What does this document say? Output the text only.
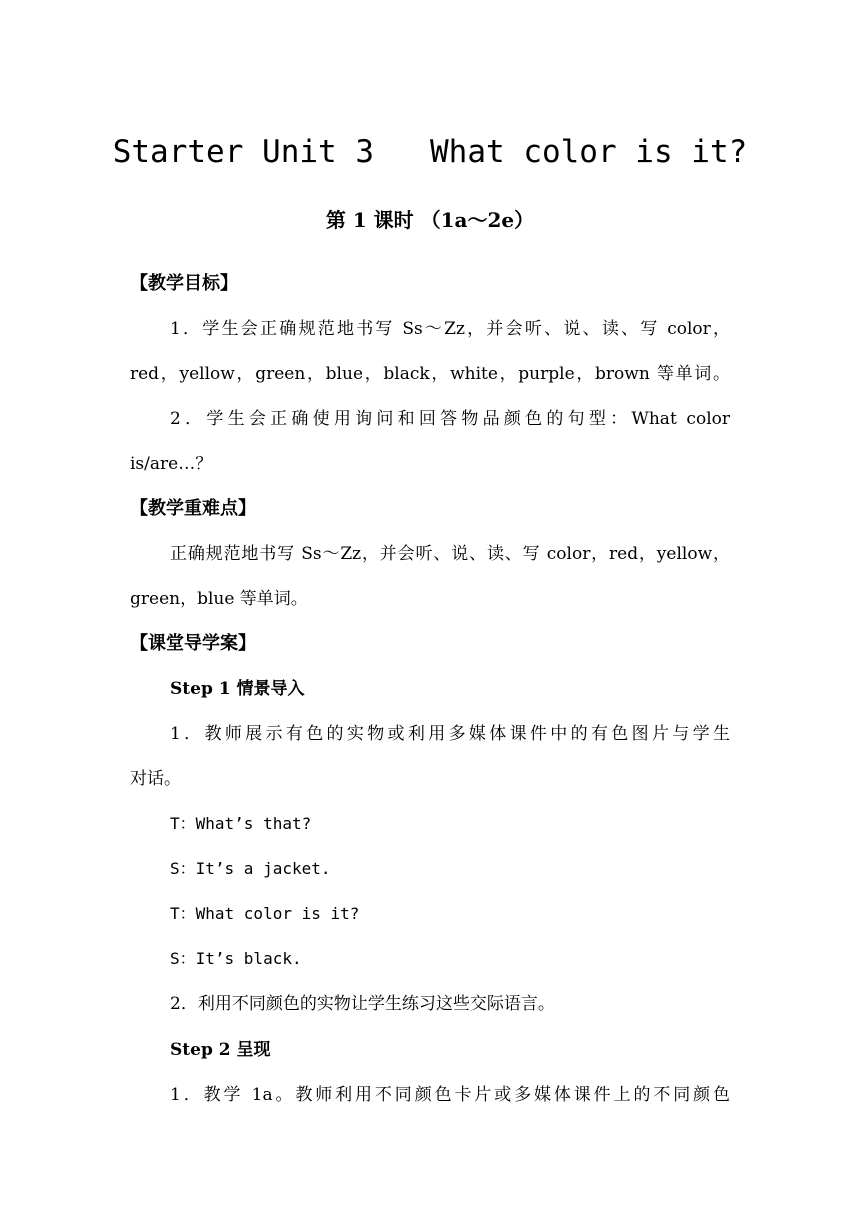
Starter Unit 3   What color is it?
第 1 课时 （1a～2e）
【教学目标】
1．学生会正确规范地书写 Ss～Zz，并会听、说、读、写 color，
red，yellow，green，blue，black，white，purple，brown 等单词。
2．学生会正确使用询问和回答物品颜色的句型：What color
is/are…？
【教学重难点】
正确规范地书写 Ss～Zz，并会听、说、读、写 color，red，yellow，
green，blue 等单词。
【课堂导学案】
Step 1 情景导入
1．教师展示有色的实物或利用多媒体课件中的有色图片与学生
对话。
T：What’s that?
S：It’s a jacket.
T：What color is it?
S：It’s black.
2．利用不同颜色的实物让学生练习这些交际语言。
Step 2 呈现
1．教学 1a。教师利用不同颜色卡片或多媒体课件上的不同颜色
